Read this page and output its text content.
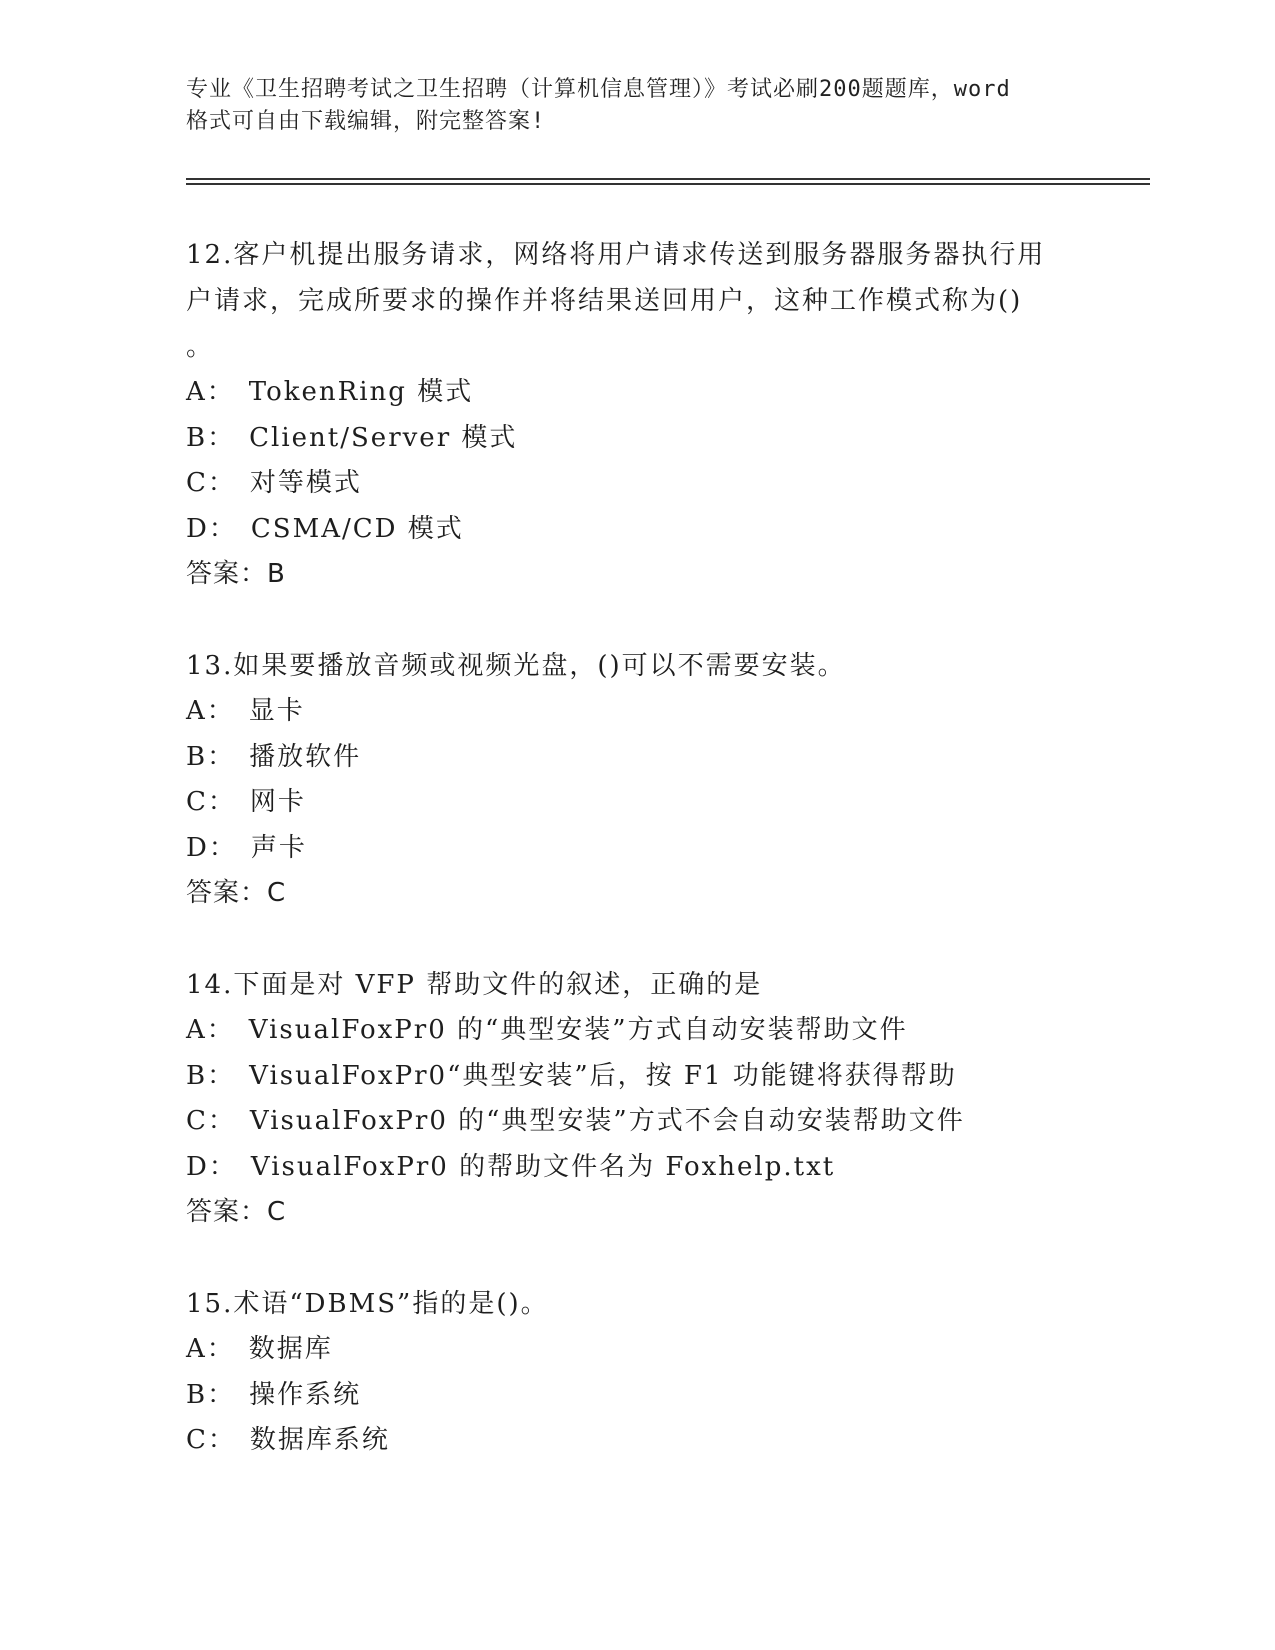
专业《卫生招聘考试之卫生招聘（计算机信息管理）》考试必刷200题题库，word
格式可自由下载编辑，附完整答案!
12.客户机提出服务请求，网络将用户请求传送到服务器服务器执行用
户请求，完成所要求的操作并将结果送回用户，这种工作模式称为()
。
A： TokenRing 模式
B： Client/Server 模式
C： 对等模式
D： CSMA/CD 模式
答案：B
13.如果要播放音频或视频光盘，()可以不需要安装。
A： 显卡
B： 播放软件
C： 网卡
D： 声卡
答案：C
14.下面是对 VFP 帮助文件的叙述，正确的是
A： VisualFoxPr0 的“典型安装”方式自动安装帮助文件
B： VisualFoxPr0“典型安装”后，按 F1 功能键将获得帮助
C： VisualFoxPr0 的“典型安装”方式不会自动安装帮助文件
D： VisualFoxPr0 的帮助文件名为 Foxhelp.txt
答案：C
15.术语“DBMS”指的是()。
A： 数据库
B： 操作系统
C： 数据库系统
